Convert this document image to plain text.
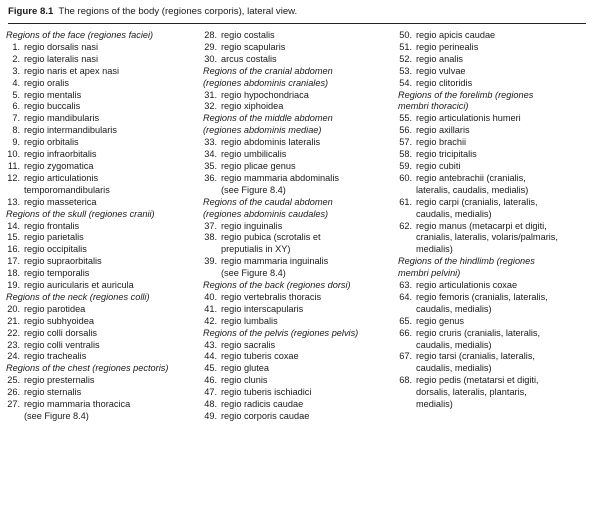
Figure 8.1 The regions of the body (regiones corporis), lateral view.
Regions of the face (regiones faciei)
1. regio dorsalis nasi
2. regio lateralis nasi
3. regio naris et apex nasi
4. regio oralis
5. regio mentalis
6. regio buccalis
7. regio mandibularis
8. regio intermandibularis
9. regio orbitalis
10. regio infraorbitalis
11. regio zygomatica
12. regio articulationis
temporomandibularis
13. regio masseterica
Regions of the skull (regiones cranii)
14. regio frontalis
15. regio parietalis
16. regio occipitalis
17. regio supraorbitalis
18. regio temporalis
19. regio auricularis et auricula
Regions of the neck (regiones colli)
20. regio parotidea
21. regio subhyoidea
22. regio colli dorsalis
23. regio colli ventralis
24. regio trachealis
Regions of the chest (regiones pectoris)
25. regio presternalis
26. regio sternalis
27. regio mammaria thoracica
(see Figure 8.4)
28. regio costalis
29. regio scapularis
30. arcus costalis
Regions of the cranial abdomen
(regiones abdominis craniales)
31. regio hypochondriaca
32. regio xiphoidea
Regions of the middle abdomen
(regiones abdominis mediae)
33. regio abdominis lateralis
34. regio umbilicalis
35. regio plicae genus
36. regio mammaria abdominalis
(see Figure 8.4)
Regions of the caudal abdomen
(regiones abdominis caudales)
37. regio inguinalis
38. regio pubica (scrotalis et
preputialis in XY)
39. regio mammaria inguinalis
(see Figure 8.4)
Regions of the back (regiones dorsi)
40. regio vertebralis thoracis
41. regio interscapularis
42. regio lumbalis
Regions of the pelvis (regiones pelvis)
43. regio sacralis
44. regio tuberis coxae
45. regio glutea
46. regio clunis
47. regio tuberis ischiadici
48. regio radicis caudae
49. regio corporis caudae
50. regio apicis caudae
51. regio perinealis
52. regio analis
53. regio vulvae
54. regio clitoridis
Regions of the forelimb (regiones
membri thoracici)
55. regio articulationis humeri
56. regio axillaris
57. regio brachii
58. regio tricipitalis
59. regio cubiti
60. regio antebrachii (cranialis,
lateralis, caudalis, medialis)
61. regio carpi (cranialis, lateralis,
caudalis, medialis)
62. regio manus (metacarpi et digiti,
cranialis, lateralis, volaris/palmaris,
medialis)
Regions of the hindlimb (regiones
membri pelvini)
63. regio articulationis coxae
64. regio femoris (cranialis, lateralis,
caudalis, medialis)
65. regio genus
66. regio cruris (cranialis, lateralis,
caudalis, medialis)
67. regio tarsi (cranialis, lateralis,
caudalis, medialis)
68. regio pedis (metatarsi et digiti,
dorsalis, lateralis, plantaris,
medialis)
